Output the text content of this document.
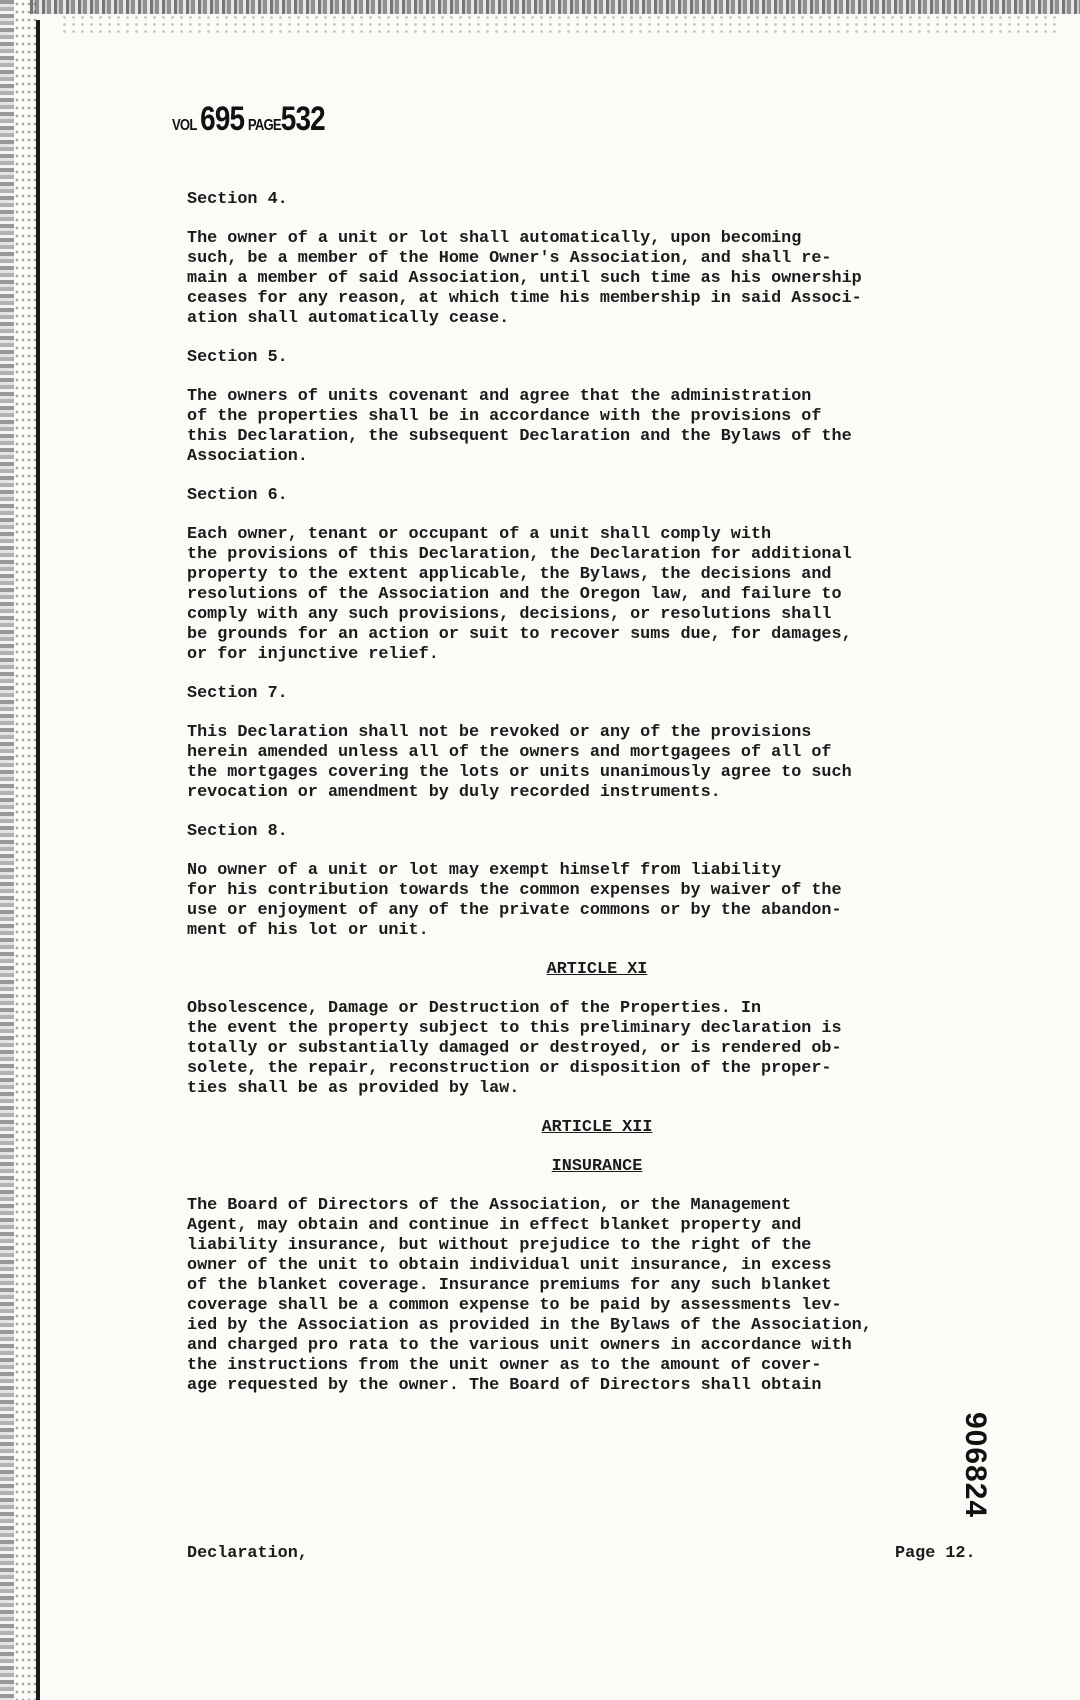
VOL 695 PAGE532
Section 4.
The owner of a unit or lot shall automatically, upon becoming
such, be a member of the Home Owner's Association, and shall re-
main a member of said Association, until such time as his ownership
ceases for any reason, at which time his membership in said Associ-
ation shall automatically cease.
Section 5.
The owners of units covenant and agree that the administration
of the properties shall be in accordance with the provisions of
this Declaration, the subsequent Declaration and the Bylaws of the
Association.
Section 6.
Each owner, tenant or occupant of a unit shall comply with
the provisions of this Declaration, the Declaration for additional
property to the extent applicable, the Bylaws, the decisions and
resolutions of the Association and the Oregon law, and failure to
comply with any such provisions, decisions, or resolutions shall
be grounds for an action or suit to recover sums due, for damages,
or for injunctive relief.
Section 7.
This Declaration shall not be revoked or any of the provisions
herein amended unless all of the owners and mortgagees of all of
the mortgages covering the lots or units unanimously agree to such
revocation or amendment by duly recorded instruments.
Section 8.
No owner of a unit or lot may exempt himself from liability
for his contribution towards the common expenses by waiver of the
use or enjoyment of any of the private commons or by the abandon-
ment of his lot or unit.
ARTICLE XI
Obsolescence, Damage or Destruction of the Properties. In
the event the property subject to this preliminary declaration is
totally or substantially damaged or destroyed, or is rendered ob-
solete, the repair, reconstruction or disposition of the proper-
ties shall be as provided by law.
ARTICLE XII
INSURANCE
The Board of Directors of the Association, or the Management
Agent, may obtain and continue in effect blanket property and
liability insurance, but without prejudice to the right of the
owner of the unit to obtain individual unit insurance, in excess
of the blanket coverage. Insurance premiums for any such blanket
coverage shall be a common expense to be paid by assessments lev-
ied by the Association as provided in the Bylaws of the Association,
and charged pro rata to the various unit owners in accordance with
the instructions from the unit owner as to the amount of cover-
age requested by the owner. The Board of Directors shall obtain
906824
Declaration,	Page 12.
